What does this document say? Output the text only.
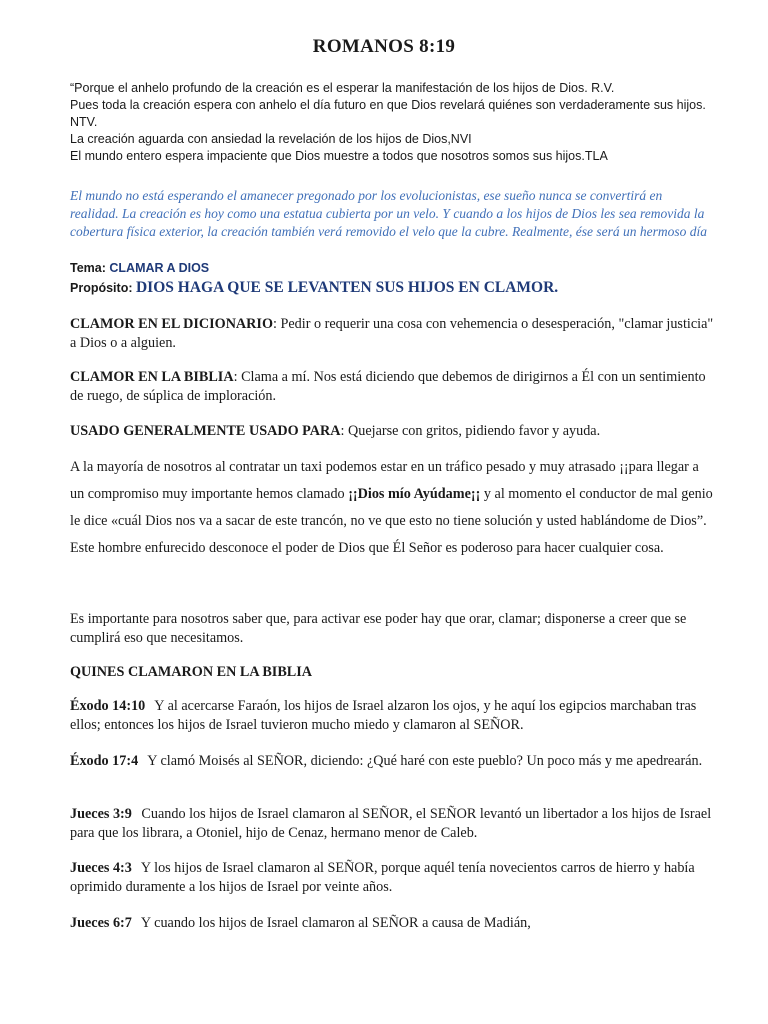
ROMANOS 8:19
“Porque el anhelo profundo de la creación es el esperar la manifestación de los hijos de Dios. R.V.
Pues toda la creación espera con anhelo el día futuro en que Dios revelará quiénes son verdaderamente sus hijos.
NTV.
La creación aguarda con ansiedad la revelación de los hijos de Dios,NVI
El mundo entero espera impaciente que Dios muestre a todos que nosotros somos sus hijos.TLA
El mundo no está esperando el amanecer pregonado por los evolucionistas, ese sueño nunca se convertirá en realidad. La creación es hoy como una estatua cubierta por un velo. Y cuando a los hijos de Dios les sea removida la cobertura física exterior, la creación también verá removido el velo que la cubre. Realmente, ése será un hermoso día
Tema: CLAMAR A DIOS
Propósito: DIOS HAGA QUE SE LEVANTEN SUS HIJOS EN CLAMOR.
CLAMOR EN EL DICIONARIO: Pedir o requerir una cosa con vehemencia o desesperación, "clamar justicia" a Dios o a alguien.
CLAMOR EN LA BIBLIA: Clama a mí. Nos está diciendo que debemos de dirigirnos a Él con un sentimiento de ruego, de súplica de imploración.
USADO GENERALMENTE USADO PARA: Quejarse con gritos, pidiendo favor y ayuda.
A la mayoría de nosotros al contratar un taxi podemos estar en un tráfico pesado y muy atrasado ¡¡para llegar a un compromiso muy importante hemos clamado ¡¡Dios mío Ayúdame¡¡ y al momento el conductor de mal genio le dice «cuál Dios nos va a sacar de este trancón, no ve que esto no tiene solución y usted hablándome de Dios”. Este hombre enfurecido desconoce el poder de Dios que Él Señor es poderoso para hacer cualquier cosa.
Es importante para nosotros saber que, para activar ese poder hay que orar, clamar; disponerse a creer que se cumplirá eso que necesitamos.
QUINES CLAMARON EN LA BIBLIA
Éxodo 14:10 Y al acercarse Faraón, los hijos de Israel alzaron los ojos, y he aquí los egipcios marchaban tras ellos; entonces los hijos de Israel tuvieron mucho miedo y clamaron al SEÑOR.
Éxodo 17:4 Y clamó Moisés al SEÑOR, diciendo: ¿Qué haré con este pueblo? Un poco más y me apedrearán.
Jueces 3:9 Cuando los hijos de Israel clamaron al SEÑOR, el SEÑOR levantó un libertador a los hijos de Israel para que los librara, a Otoniel, hijo de Cenaz, hermano menor de Caleb.
Jueces 4:3 Y los hijos de Israel clamaron al SEÑOR, porque aquél tenía novecientos carros de hierro y había oprimido duramente a los hijos de Israel por veinte años.
Jueces 6:7 Y cuando los hijos de Israel clamaron al SEÑOR a causa de Madián,
